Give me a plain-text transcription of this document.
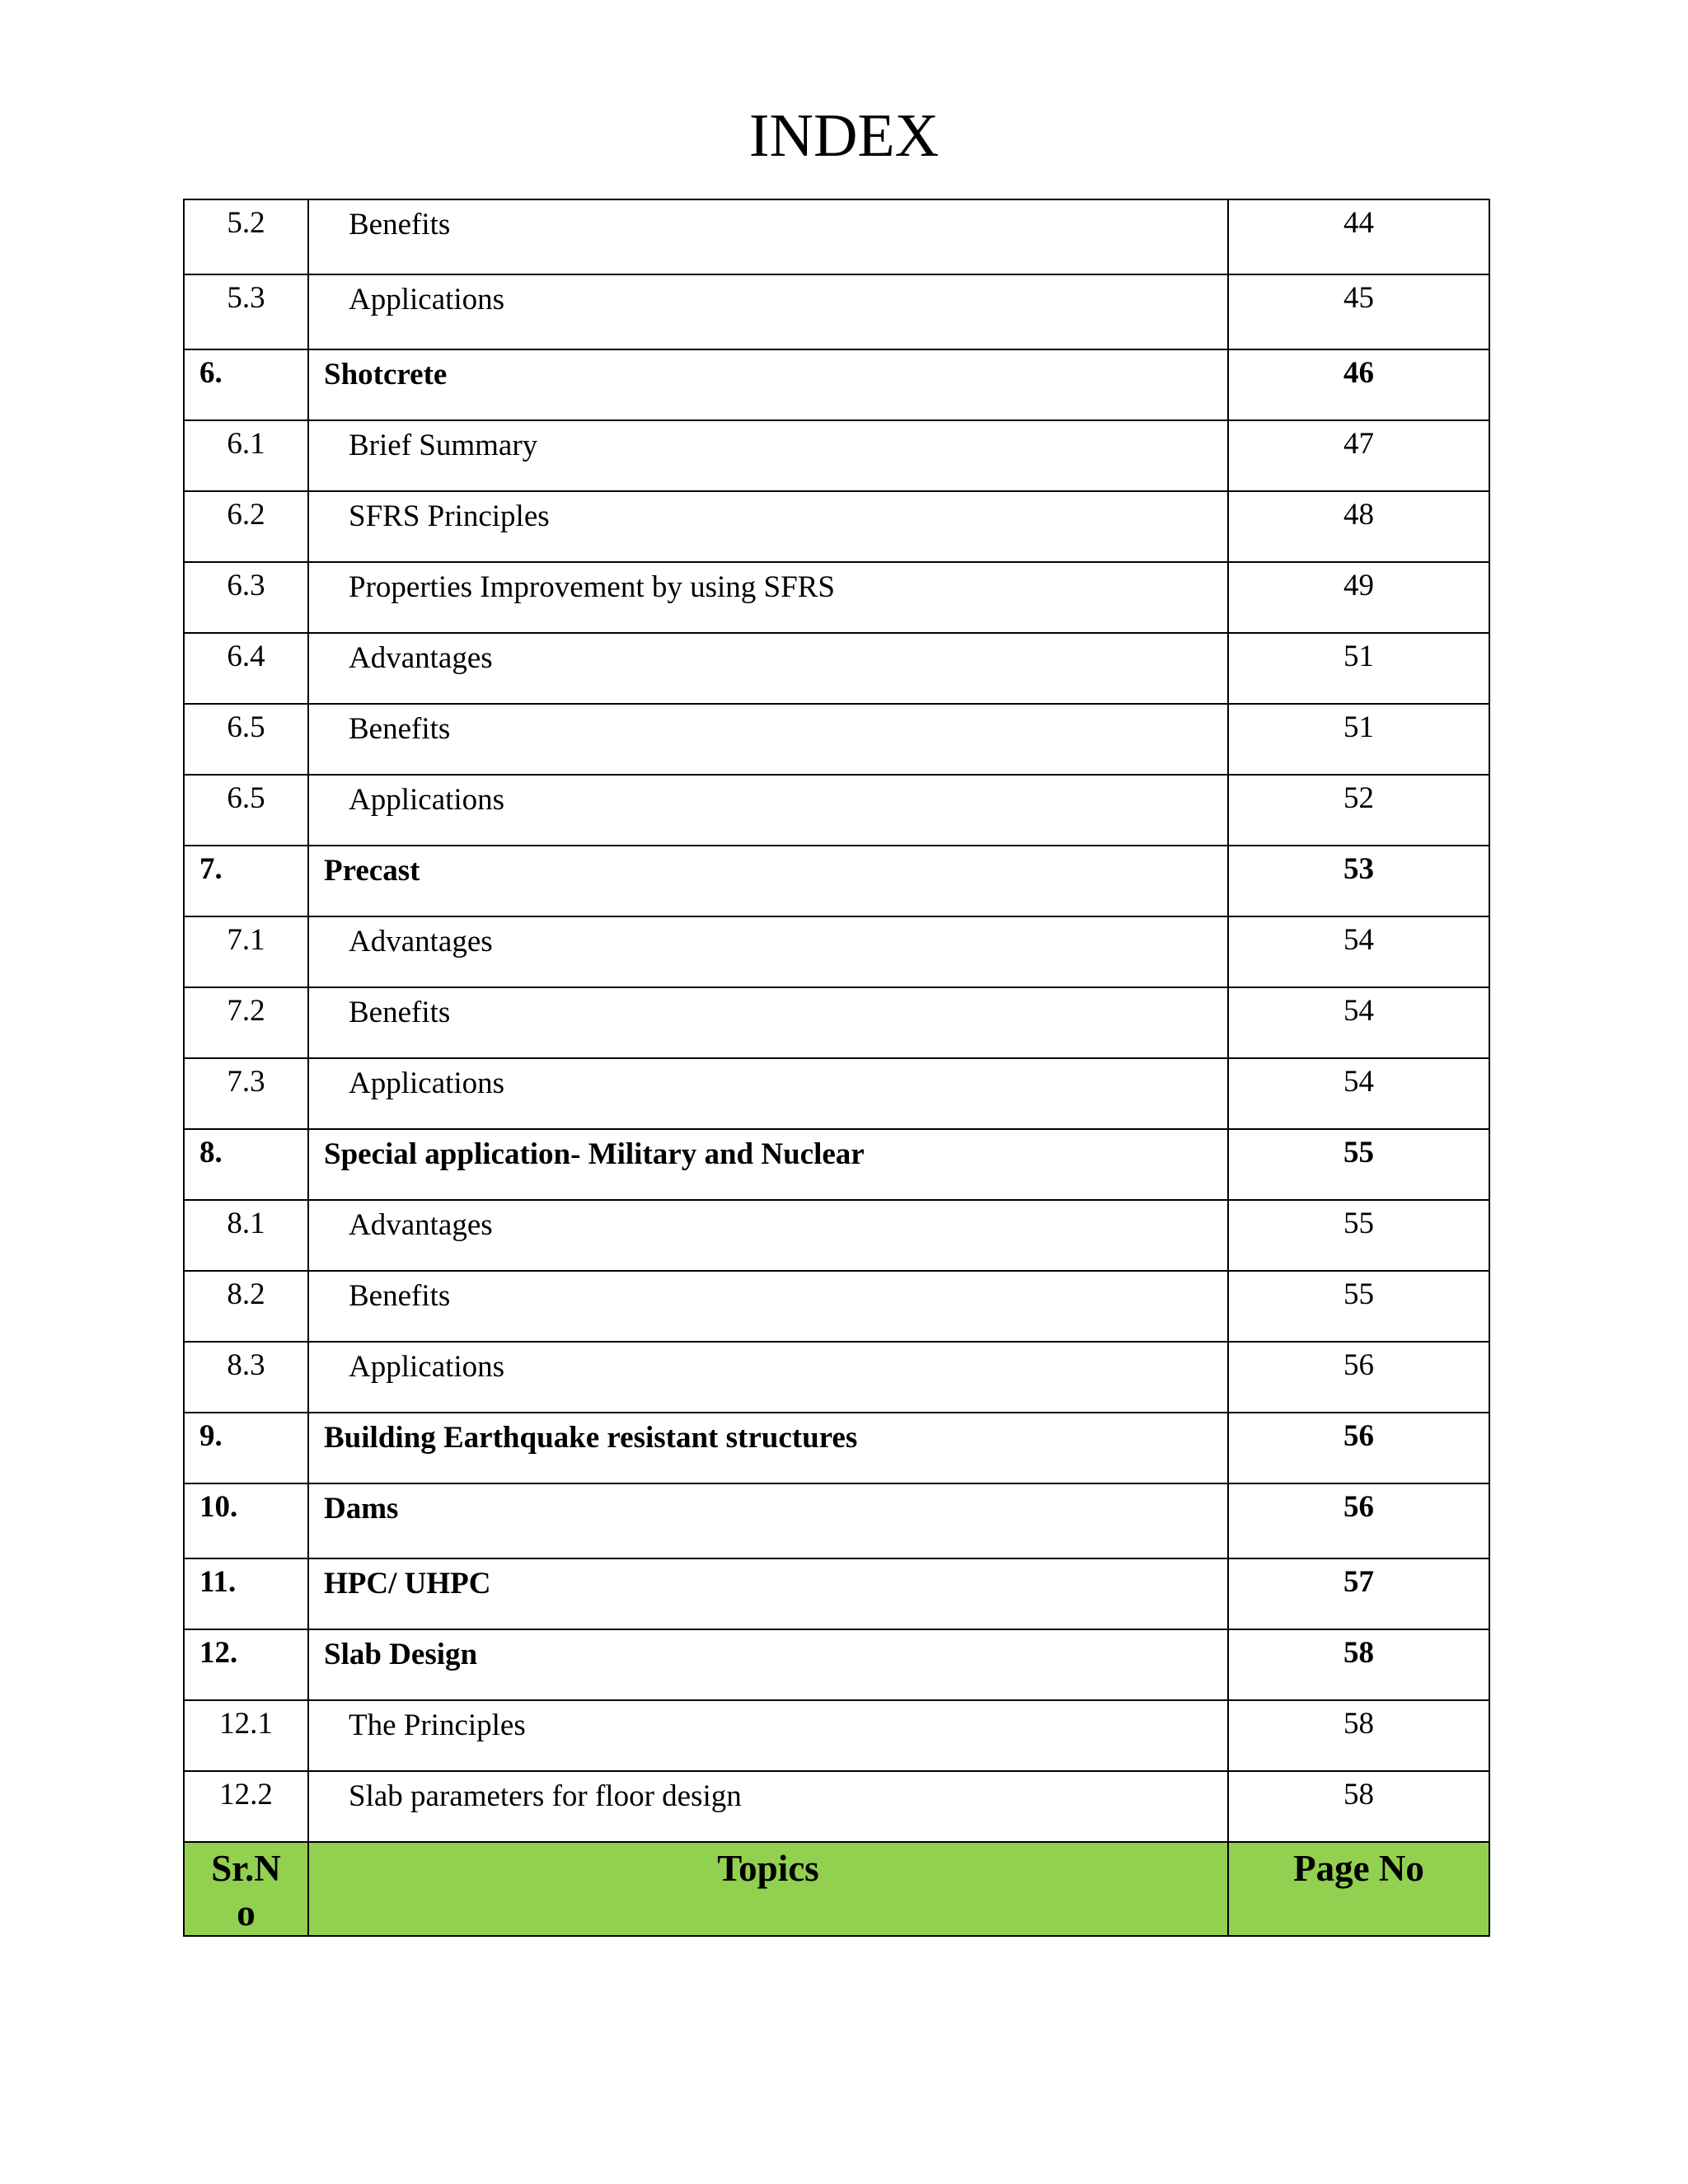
INDEX
5.2	Benefits	44
5.3	Applications	45
6.	Shotcrete	46
6.1	Brief Summary	47
6.2	SFRS Principles	48
6.3	Properties Improvement by using SFRS	49
6.4	Advantages	51
6.5	Benefits	51
6.5	Applications	52
7.	Precast	53
7.1	Advantages	54
7.2	Benefits	54
7.3	Applications	54
8.	Special application- Military and Nuclear	55
8.1	Advantages	55
8.2	Benefits	55
8.3	Applications	56
9.	Building Earthquake resistant structures	56
10.	Dams	56
11.	HPC/ UHPC	57
12.	Slab Design	58
12.1	The Principles	58
12.2	Slab parameters for floor design	58
Sr.No	Topics	Page No
